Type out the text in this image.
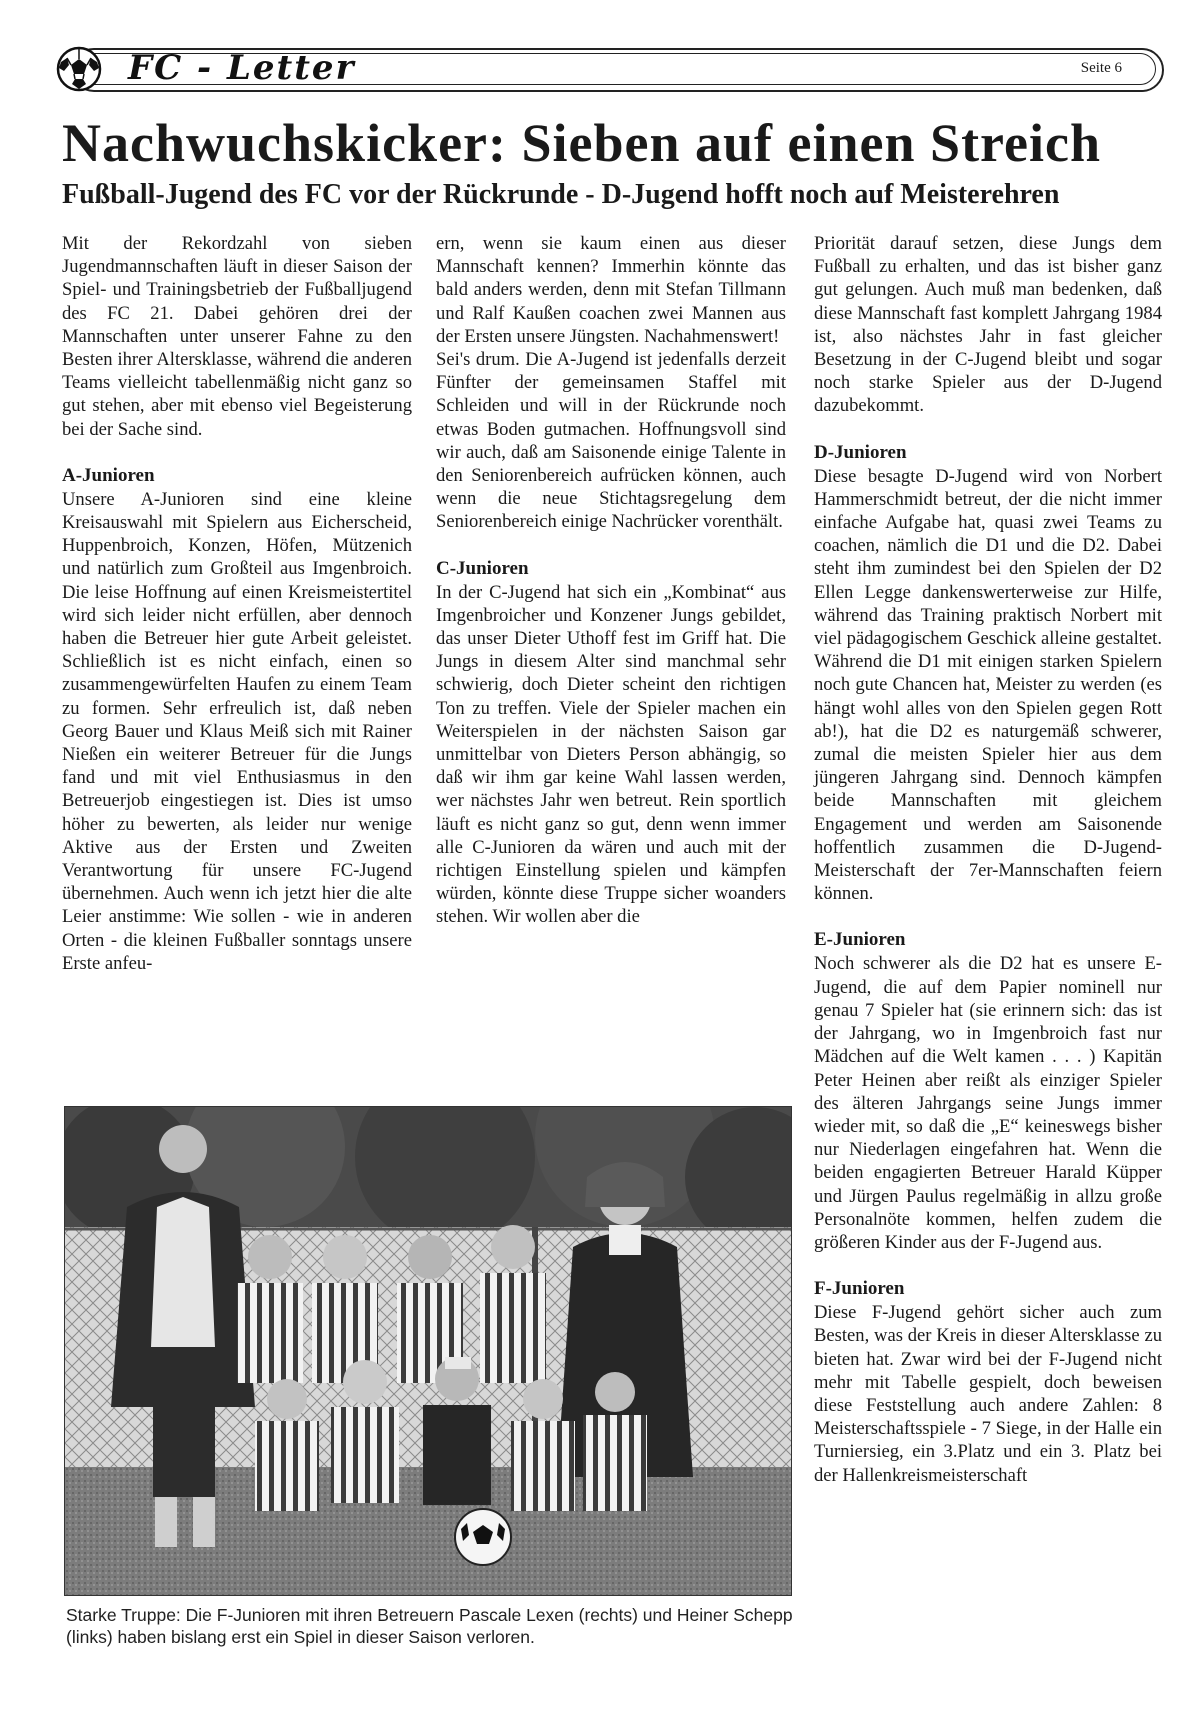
FC - Letter	Seite 6
Nachwuchskicker: Sieben auf einen Streich
Fußball-Jugend des FC vor der Rückrunde - D-Jugend hofft noch auf Meisterehren

Mit der Rekordzahl von sieben Jugendmannschaften läuft in dieser Saison der Spiel- und Trainingsbetrieb der Fußballjugend des FC 21. Dabei gehören drei der Mannschaften unter unserer Fahne zu den Besten ihrer Altersklasse, während die anderen Teams vielleicht tabellenmäßig nicht ganz so gut stehen, aber mit ebenso viel Begeisterung bei der Sache sind.

A-Junioren

Unsere A-Junioren sind eine kleine Kreisauswahl mit Spielern aus Eicherscheid, Huppenbroich, Konzen, Höfen, Mützenich und natürlich zum Großteil aus Imgenbroich. Die leise Hoffnung auf einen Kreismeistertitel wird sich leider nicht erfüllen, aber dennoch haben die Betreuer hier gute Arbeit geleistet. Schließlich ist es nicht einfach, einen so zusammengewürfelten Haufen zu einem Team zu formen. Sehr erfreulich ist, daß neben Georg Bauer und Klaus Meiß sich mit Rainer Nießen ein weiterer Betreuer für die Jungs fand und mit viel Enthusiasmus in den Betreuerjob eingestiegen ist. Dies ist umso höher zu bewerten, als leider nur wenige Aktive aus der Ersten und Zweiten Verantwortung für unsere FC-Jugend übernehmen. Auch wenn ich jetzt hier die alte Leier anstimme: Wie sollen - wie in anderen Orten - die kleinen Fußballer sonntags unsere Erste anfeu-

ern, wenn sie kaum einen aus dieser Mannschaft kennen? Immerhin könnte das bald anders werden, denn mit Stefan Tillmann und Ralf Kaußen coachen zwei Mannen aus der Ersten unsere Jüngsten. Nachahmenswert!

Sei's drum. Die A-Jugend ist jedenfalls derzeit Fünfter der gemeinsamen Staffel mit Schleiden und will in der Rückrunde noch etwas Boden gutmachen. Hoffnungsvoll sind wir auch, daß am Saisonende einige Talente in den Seniorenbereich aufrücken können, auch wenn die neue Stichtagsregelung dem Seniorenbereich einige Nachrücker vorenthält.

C-Junioren

In der C-Jugend hat sich ein „Kombinat“ aus Imgenbroicher und Konzener Jungs gebildet, das unser Dieter Uthoff fest im Griff hat. Die Jungs in diesem Alter sind manchmal sehr schwierig, doch Dieter scheint den richtigen Ton zu treffen. Viele der Spieler machen ein Weiterspielen in der nächsten Saison gar unmittelbar von Dieters Person abhängig, so daß wir ihm gar keine Wahl lassen werden, wer nächstes Jahr wen betreut. Rein sportlich läuft es nicht ganz so gut, denn wenn immer alle C-Junioren da wären und auch mit der richtigen Einstellung spielen und kämpfen würden, könnte diese Truppe sicher woanders stehen. Wir wollen aber die

Priorität darauf setzen, diese Jungs dem Fußball zu erhalten, und das ist bisher ganz gut gelungen. Auch muß man bedenken, daß diese Mannschaft fast komplett Jahrgang 1984 ist, also nächstes Jahr in fast gleicher Besetzung in der C-Jugend bleibt und sogar noch starke Spieler aus der D-Jugend dazubekommt.

D-Junioren

Diese besagte D-Jugend wird von Norbert Hammerschmidt betreut, der die nicht immer einfache Aufgabe hat, quasi zwei Teams zu coachen, nämlich die D1 und die D2. Dabei steht ihm zumindest bei den Spielen der D2 Ellen Legge dankenswerterweise zur Hilfe, während das Training praktisch Norbert mit viel pädagogischem Geschick alleine gestaltet. Während die D1 mit einigen starken Spielern noch gute Chancen hat, Meister zu werden (es hängt wohl alles von den Spielen gegen Rott ab!), hat die D2 es naturgemäß schwerer, zumal die meisten Spieler hier aus dem jüngeren Jahrgang sind. Dennoch kämpfen beide Mannschaften mit gleichem Engagement und werden am Saisonende hoffentlich zusammen die D-Jugend-Meisterschaft der 7er-Mannschaften feiern können.

E-Junioren

Noch schwerer als die D2 hat es unsere E-Jugend, die auf dem Papier nominell nur genau 7 Spieler hat (sie erinnern sich: das ist der Jahrgang, wo in Imgenbroich fast nur Mädchen auf die Welt kamen . . . ) Kapitän Peter Heinen aber reißt als einziger Spieler des älteren Jahrgangs seine Jungs immer wieder mit, so daß die „E“ keineswegs bisher nur Niederlagen eingefahren hat. Wenn die beiden engagierten Betreuer Harald Küpper und Jürgen Paulus regelmäßig in allzu große Personalnöte kommen, helfen zudem die größeren Kinder aus der F-Jugend aus.

F-Junioren

Diese F-Jugend gehört sicher auch zum Besten, was der Kreis in dieser Altersklasse zu bieten hat. Zwar wird bei der F-Jugend nicht mehr mit Tabelle gespielt, doch beweisen diese Feststellung auch andere Zahlen: 8 Meisterschaftsspiele - 7 Siege, in der Halle ein Turniersieg, ein 3.Platz und ein 3. Platz bei der Hallenkreismeisterschaft

Starke Truppe: Die F-Junioren mit ihren Betreuern Pascale Lexen (rechts) und Heiner Schepp (links) haben bislang erst ein Spiel in dieser Saison verloren.
